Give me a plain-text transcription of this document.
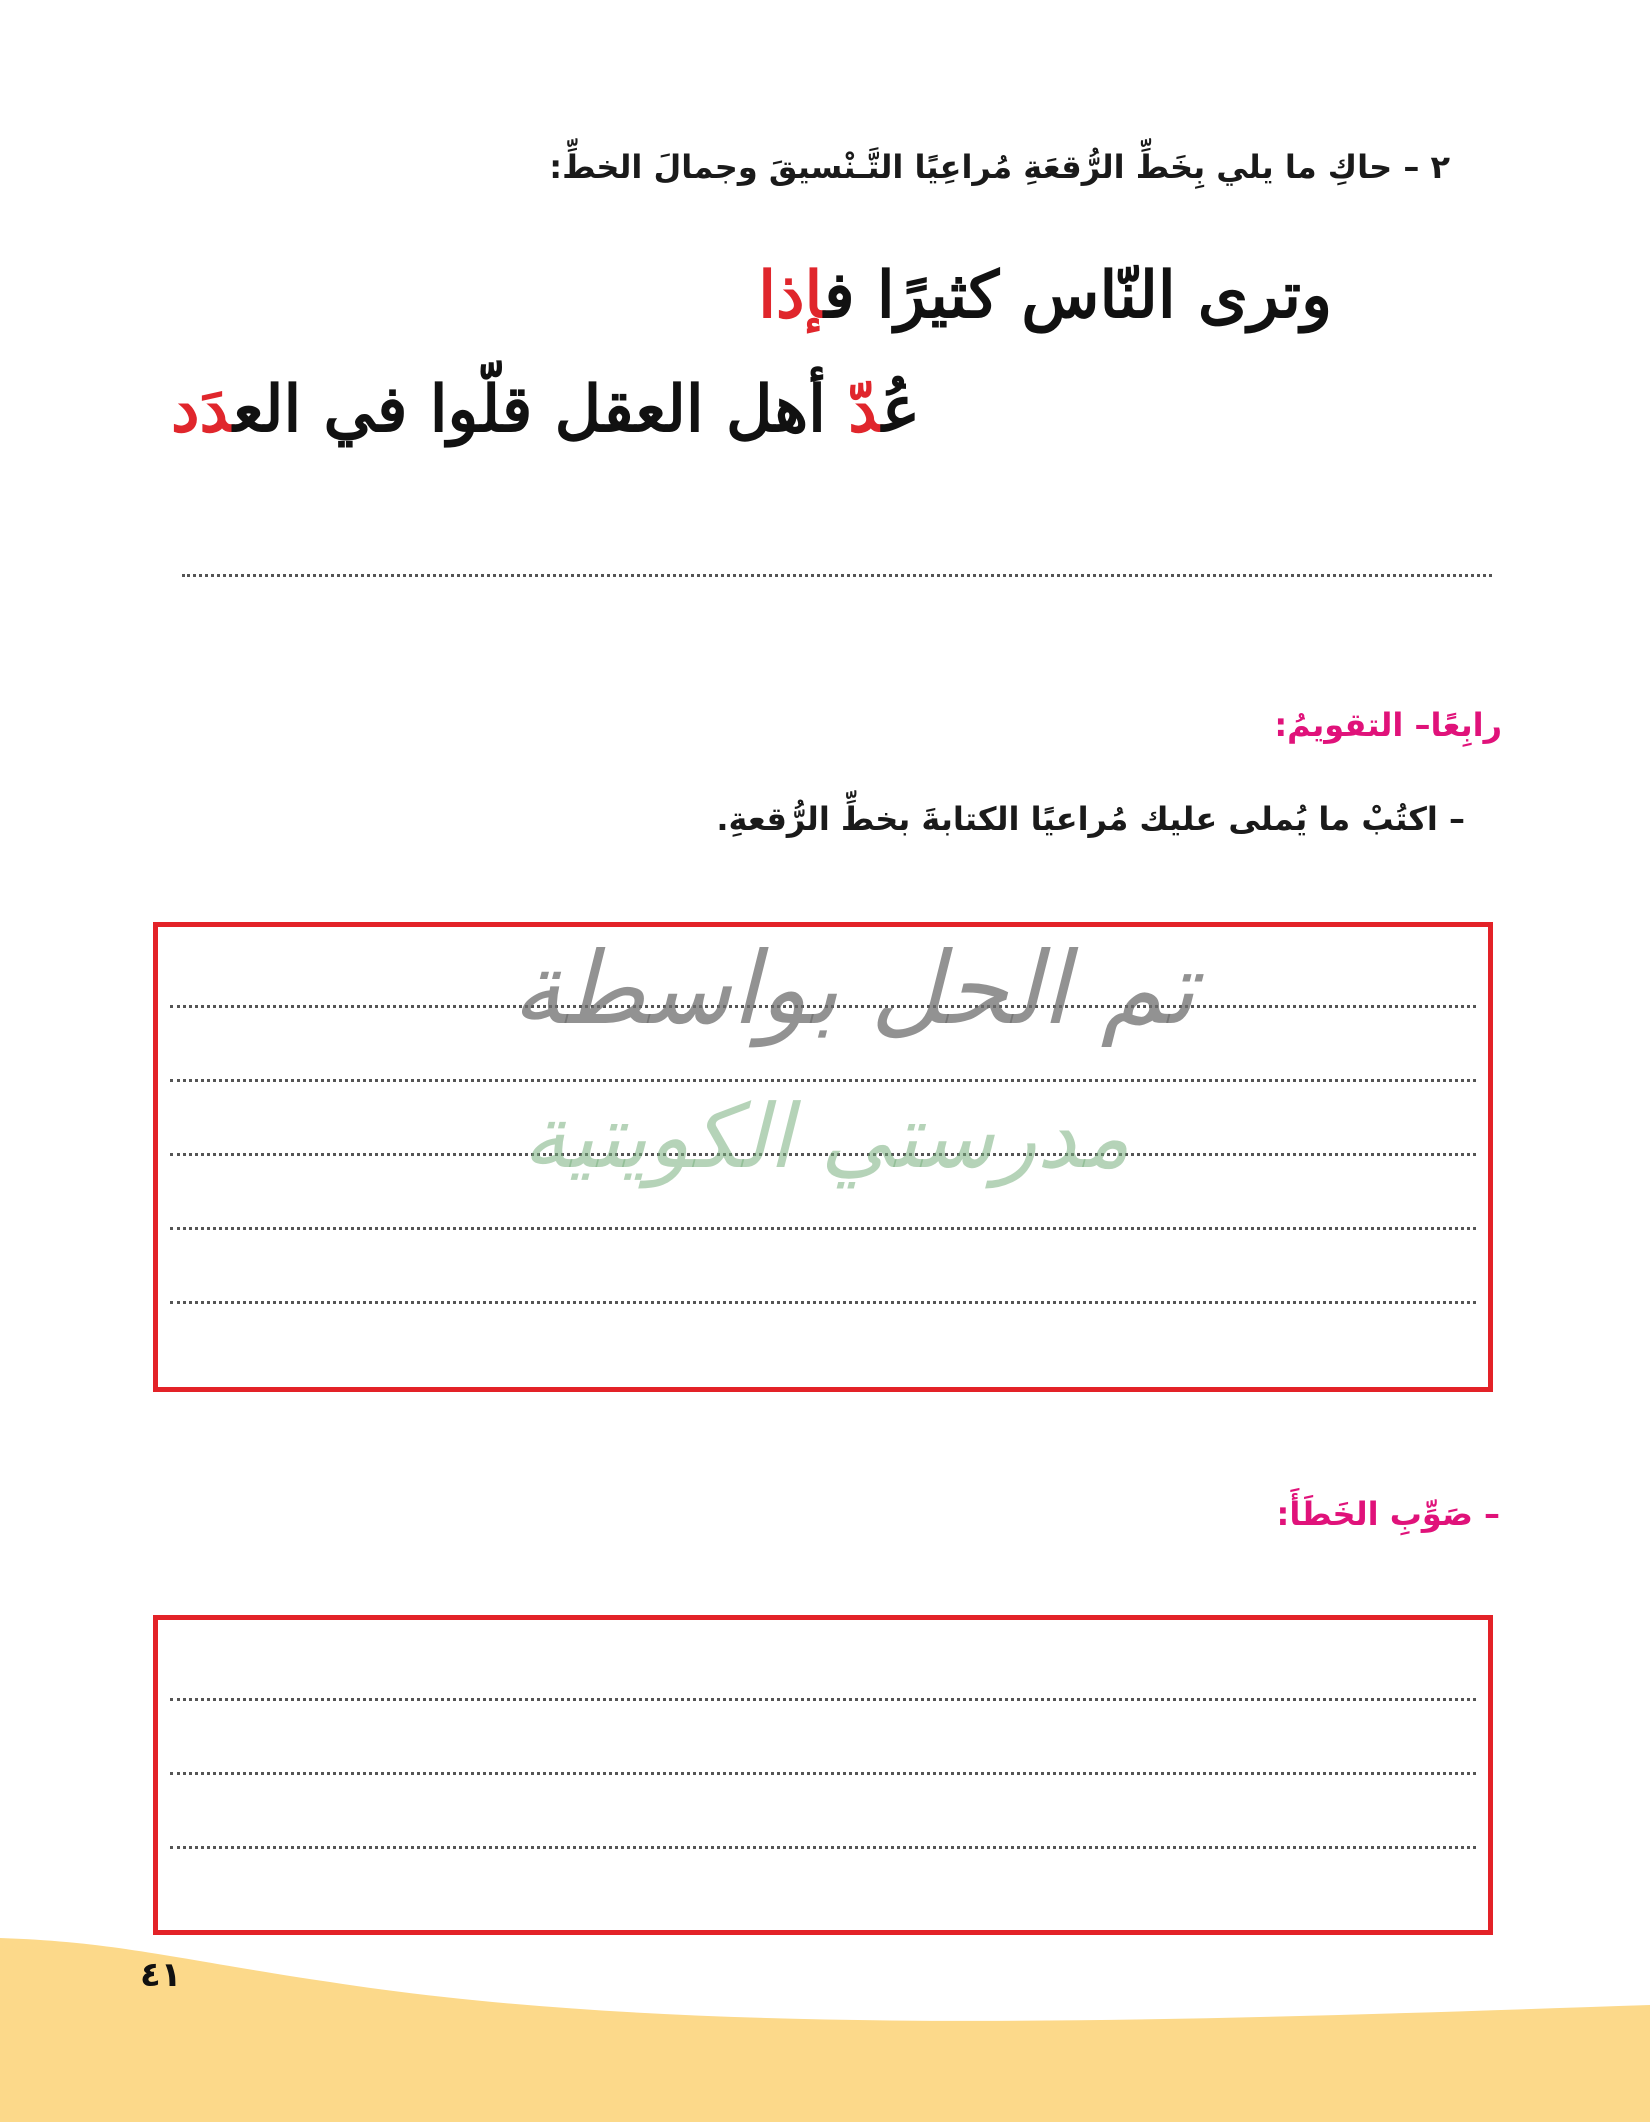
٢ – حاكِ ما يلي بِخَطِّ الرُّقعَةِ مُراعِيًا التَّـنْسيقَ وجمالَ الخطِّ:
وترى النّاس كثيرًا فإذا
عُدّ أهل العقل قلّوا في العدَد
رابِعًا– التقويمُ:
– اكتُبْ ما يُملى عليك مُراعيًا الكتابةَ بخطِّ الرُّقعةِ.
تم الحل بواسطة
مدرستي الكويتية
– صَوِّبِ الخَطَأَ:
٤١
